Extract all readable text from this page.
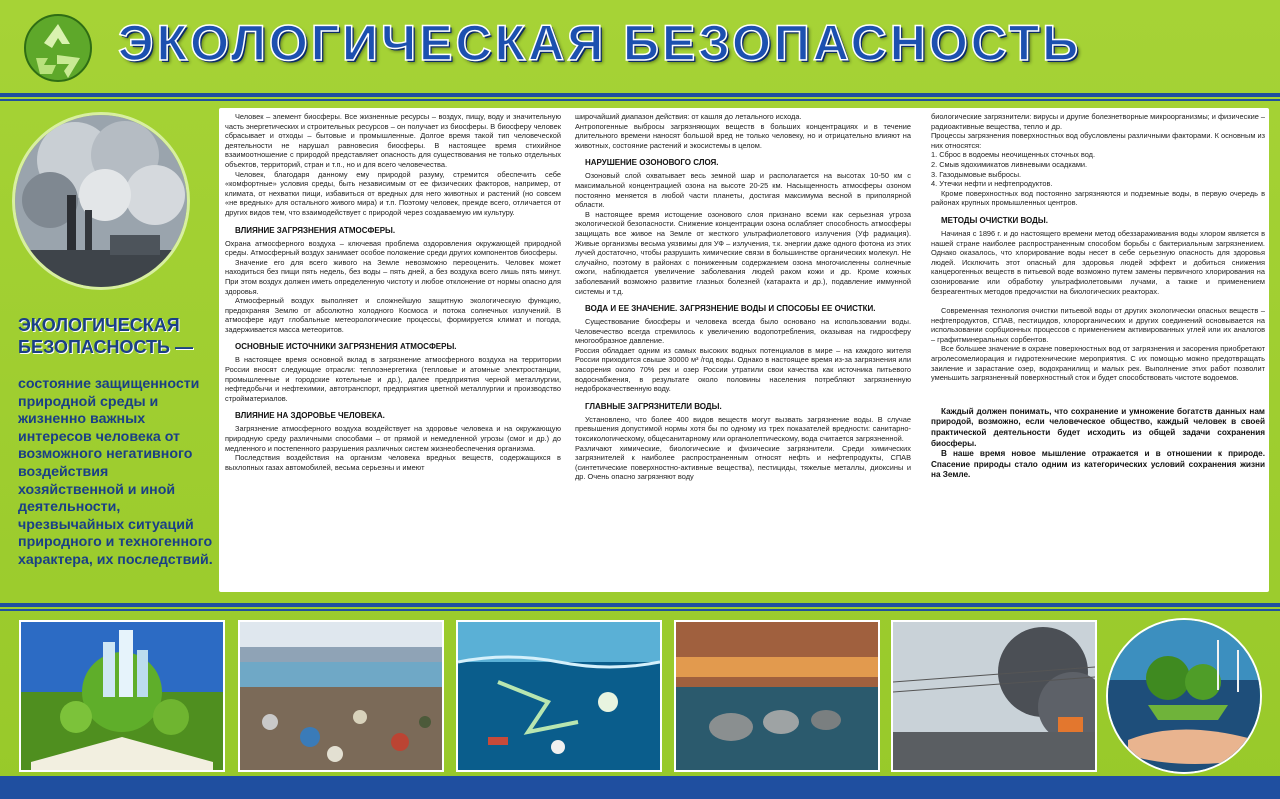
ЭКОЛОГИЧЕСКАЯ БЕЗОПАСНОСТЬ
ЭКОЛОГИЧЕСКАЯ БЕЗОПАСНОСТЬ —
состояние защищенности природной среды и жизненно важных интересов человека от возможного негативного воздействия хозяйственной и иной деятельности, чрезвычайных ситуаций природного и техногенного характера, их последствий.

Человек – элемент биосферы. Все жизненные ресурсы – воздух, пищу, воду и значительную часть энергетических и строительных ресурсов – он получает из биосферы. В биосферу человек сбрасывает и отходы – бытовые и промышленные. Долгое время такой тип человеческой деятельности не нарушал равновесия биосферы. В настоящее время стихийное взаимоотношение с природой представляет опасность для существования не только отдельных объектов, территорий, стран и т.п., но и для всего человечества.

Человек, благодаря данному ему природой разуму, стремится обеспечить себе «комфортные» условия среды, быть независимым от ее физических факторов, например, от климата, от нехватки пищи, избавиться от вредных для него животных и растений (но совсем «не вредных» для остального живого мира) и т.п. Поэтому человек, прежде всего, отличается от других видов тем, что взаимодействует с природой через создаваемую им культуру.

ВЛИЯНИЕ ЗАГРЯЗНЕНИЯ АТМОСФЕРЫ.

Охрана атмосферного воздуха – ключевая проблема оздоровления окружающей природной среды. Атмосферный воздух занимает особое положение среди других компонентов биосферы.

Значение его для всего живого на Земле невозможно переоценить. Человек может находиться без пищи пять недель, без воды – пять дней, а без воздуха всего лишь пять минут. При этом воздух должен иметь определенную чистоту и любое отклонение от нормы опасно для здоровья.

Атмосферный воздух выполняет и сложнейшую защитную экологическую функцию, предохраняя Землю от абсолютно холодного Космоса и потока солнечных излучений. В атмосфере идут глобальные метеорологические процессы, формируется климат и погода, задерживается масса метеоритов.

ОСНОВНЫЕ ИСТОЧНИКИ ЗАГРЯЗНЕНИЯ АТМОСФЕРЫ.

В настоящее время основной вклад в загрязнение атмосферного воздуха на территории России вносят следующие отрасли: теплоэнергетика (тепловые и атомные электростанции, промышленные и городские котельные и др.), далее предприятия черной металлургии, нефтедобычи и нефтехимии, автотранспорт, предприятия цветной металлургии и производство стройматериалов.

ВЛИЯНИЕ НА ЗДОРОВЬЕ ЧЕЛОВЕКА.

Загрязнение атмосферного воздуха воздействует на здоровье человека и на окружающую природную среду различными способами – от прямой и немедленной угрозы (смог и др.) до медленного и постепенного разрушения различных систем жизнеобеспечения организма.

Последствия воздействия на организм человека вредных веществ, содержащихся в выхлопных газах автомобилей, весьма серьезны и имеют

широчайший диапазон действия: от кашля до летального исхода.

Антропогенные выбросы загрязняющих веществ в больших концентрациях и в течение длительного времени наносят большой вред не только человеку, но и отрицательно влияют на животных, состояние растений и экосистемы в целом.

НАРУШЕНИЕ ОЗОНОВОГО СЛОЯ.

Озоновый слой охватывает весь земной шар и располагается на высотах 10-50 км с максимальной концентрацией озона на высоте 20-25 км. Насыщенность атмосферы озоном постоянно меняется в любой части планеты, достигая максимума весной в приполярной области.

В настоящее время истощение озонового слоя признано всеми как серьезная угроза экологической безопасности. Снижение концентрации озона ослабляет способность атмосферы защищать все живое на Земле от жесткого ультрафиолетового излучения (Уф радиация). Живые организмы весьма уязвимы для УФ – излучения, т.к. энергии даже одного фотона из этих лучей достаточно, чтобы разрушить химические связи в большинстве органических молекул. Не случайно, поэтому в районах с пониженным содержанием озона многочисленны солнечные ожоги, наблюдается увеличение заболевания людей раком кожи и др. Кроме кожных заболеваний возможно развитие глазных болезней (катаракта и др.), подавление иммунной системы и т.д.

ВОДА И ЕЕ ЗНАЧЕНИЕ. ЗАГРЯЗНЕНИЕ ВОДЫ И СПОСОБЫ ЕЕ ОЧИСТКИ.

Существование биосферы и человека всегда было основано на использовании воды. Человечество всегда стремилось к увеличению водопотребления, оказывая на гидросферу многообразное давление.

Россия обладает одним из самых высоких водных потенциалов в мире – на каждого жителя России приходится свыше 30000 м³ /год воды. Однако в настоящее время из-за загрязнения или засорения около 70% рек и озер России утратили свои качества как источника питьевого водоснабжения, в результате около половины населения потребляют загрязненную недоброкачественную воду.

ГЛАВНЫЕ ЗАГРЯЗНИТЕЛИ ВОДЫ.

Установлено, что более 400 видов веществ могут вызвать загрязнение воды. В случае превышения допустимой нормы хотя бы по одному из трех показателей вредности: санитарно-токсикологическому, общесанитарному или органолептическому, вода считается загрязненной.

Различают химические, биологические и физические загрязнители. Среди химических загрязнителей к наиболее распространенным относят нефть и нефтепродукты, СПАВ (синтетические поверхностно-активные вещества), пестициды, тяжелые металлы, диоксины и др. Очень опасно загрязняют воду

биологические загрязнители: вирусы и другие болезнетворные микроорганизмы; и физические – радиоактивные вещества, тепло и др.

Процессы загрязнения поверхностных вод обусловлены различными факторами. К основным из них относятся:

1. Сброс в водоемы неочищенных сточных вод.

2. Смыв ядохимикатов ливневыми осадками.

3. Газодымовые выбросы.

4. Утечки нефти и нефтепродуктов.

Кроме поверхностных вод постоянно загрязняются и подземные воды, в первую очередь в районах крупных промышленных центров.

МЕТОДЫ ОЧИСТКИ ВОДЫ.

Начиная с 1896 г. и до настоящего времени метод обеззараживания воды хлором является в нашей стране наиболее распространенным способом борьбы с бактериальным загрязнением. Однако оказалось, что хлорирование воды несет в себе серьезную опасность для здоровья людей. Исключить этот опасный для здоровья людей эффект и добиться снижения канцерогенных веществ в питьевой воде возможно путем замены первичного хлорирования на озонирование или обработку ультрафиолетовыми лучами, а также и применением безреагентных методов предочистки на биологических реакторах.

Современная технология очистки питьевой воды от других экологически опасных веществ – нефтепродуктов, СПАВ, пестицидов, хлорорганических и других соединений основывается на использовании сорбционных процессов с применением активированных углей или их аналогов – графитминеральных сорбентов.

Все большее значение в охране поверхностных вод от загрязнения и засорения приобретают агролесомелиорация и гидротехнические мероприятия. С их помощью можно предотвращать заиление и зарастание озер, водохранилищ и малых рек. Выполнение этих работ позволит уменьшить загрязненный поверхностный сток и будет способствовать чистоте водоемов.

Каждый должен понимать, что сохранение и умножение богатств данных нам природой, возможно, если человеческое общество, каждый человек в своей практической деятельности будет исходить из общей задачи сохранения биосферы.

В наше время новое мышление отражается и в отношении к природе. Спасение природы стало одним из категорических условий сохранения жизни на Земле.
